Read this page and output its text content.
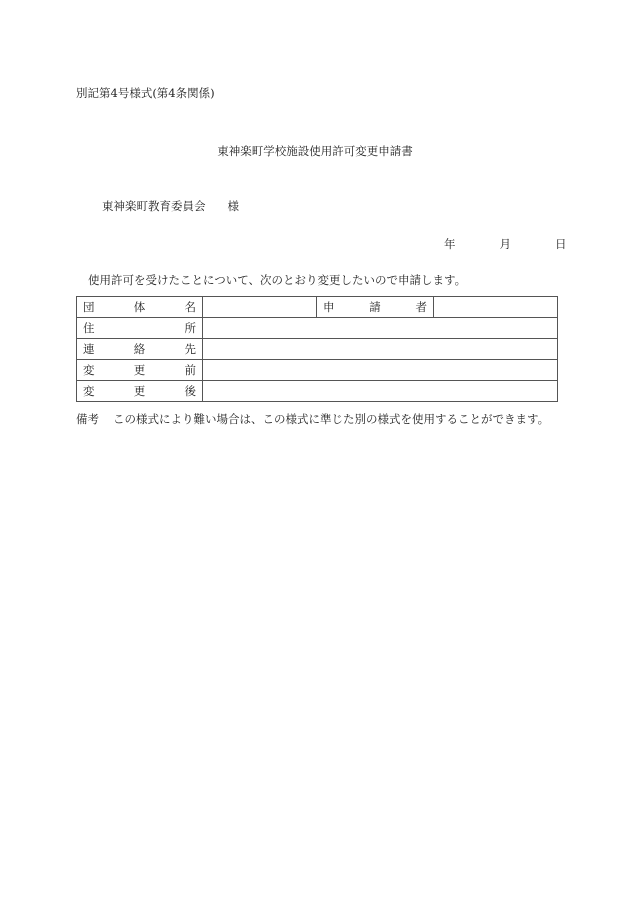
別記第4号様式(第4条関係)
東神楽町学校施設使用許可変更申請書
東神楽町教育委員会 様
年	月	日
使用許可を受けたことについて、次のとおり変更したいので申請します。
団 体 名		申 請 者	

住 所			

連 絡 先			

変 更 前			

変 更 後			

備考 この様式により難い場合は、この様式に準じた別の様式を使用することができます。
